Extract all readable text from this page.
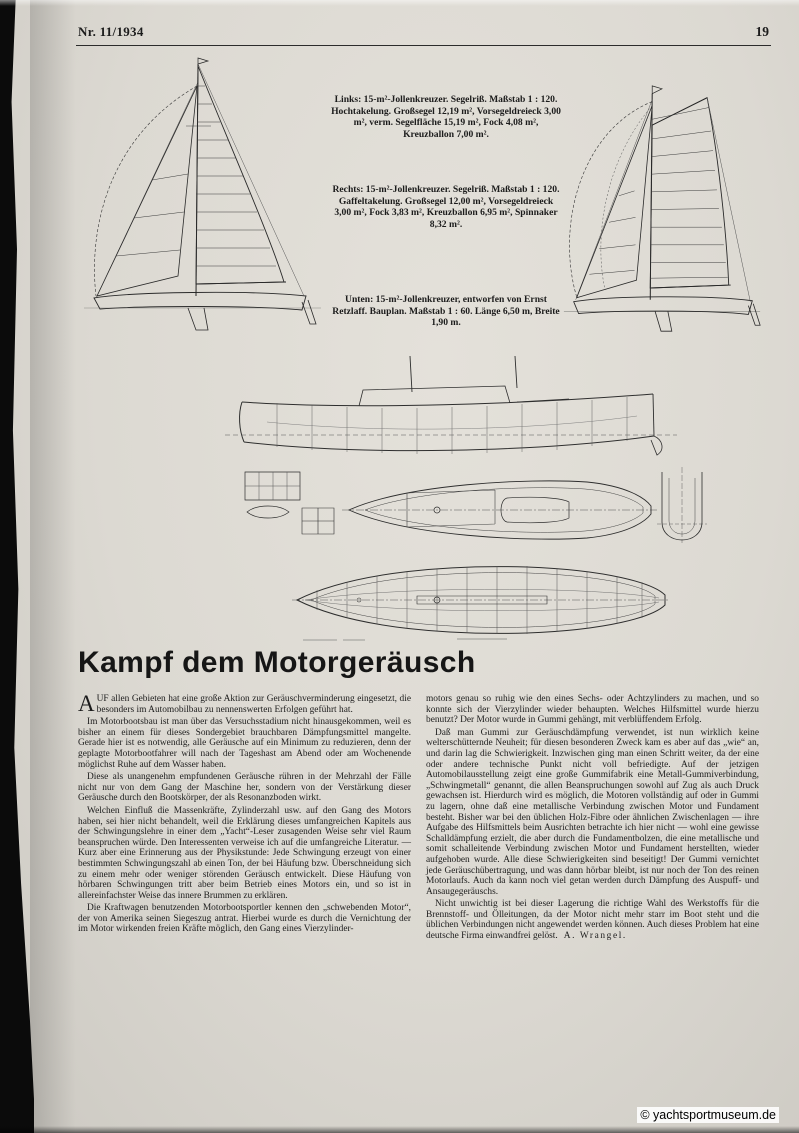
Nr. 11/1934	19
Links: 15-m²-Jollenkreuzer. Segelriß. Maßstab 1 : 120. Hochtakelung. Großsegel 12,19 m², Vorsegeldreieck 3,00 m², verm. Segelfläche 15,19 m², Fock 4,08 m², Kreuzballon 7,00 m².
Rechts: 15-m²-Jollenkreuzer. Segelriß. Maßstab 1 : 120. Gaffeltakelung. Großsegel 12,00 m², Vorsegeldreieck 3,00 m², Fock 3,83 m², Kreuzballon 6,95 m², Spinnaker 8,32 m².
Unten: 15-m²-Jollenkreuzer, entworfen von Ernst Retzlaff. Bauplan. Maßstab 1 : 60. Länge 6,50 m, Breite 1,90 m.
Kampf dem Motorgeräusch

AUF allen Gebieten hat eine große Aktion zur Geräuschverminderung eingesetzt, die besonders im Automobilbau zu nennenswerten Erfolgen geführt hat.

Im Motorbootsbau ist man über das Versuchsstadium nicht hinausgekommen, weil es bisher an einem für dieses Sondergebiet brauchbaren Dämpfungsmittel mangelte. Gerade hier ist es notwendig, alle Geräusche auf ein Minimum zu reduzieren, denn der geplagte Motorbootfahrer will nach der Tageshast am Abend oder am Wochenende möglichst Ruhe auf dem Wasser haben.

Diese als unangenehm empfundenen Geräusche rühren in der Mehrzahl der Fälle nicht nur von dem Gang der Maschine her, sondern von der Verstärkung dieser Geräusche durch den Bootskörper, der als Resonanzboden wirkt.

Welchen Einfluß die Massenkräfte, Zylinderzahl usw. auf den Gang des Motors haben, sei hier nicht behandelt, weil die Erklärung dieses umfangreichen Kapitels aus der Schwingungslehre in einer dem „Yacht“-Leser zusagenden Weise sehr viel Raum beanspruchen würde. Den Interessenten verweise ich auf die umfangreiche Literatur. — Kurz aber eine Erinnerung aus der Physikstunde: Jede Schwingung erzeugt von einer bestimmten Schwingungszahl ab einen Ton, der bei Häufung bzw. Überschneidung sich zu einem mehr oder weniger störenden Geräusch entwickelt. Diese Häufung von hörbaren Schwingungen tritt aber beim Betrieb eines Motors ein, und so ist in allereinfachster Weise das innere Brummen zu erklären.

Die Kraftwagen benutzenden Motorbootsportler kennen den „schwebenden Motor“, der von Amerika seinen Siegeszug antrat. Hierbei wurde es durch die Vernichtung der im Motor wirkenden freien Kräfte möglich, den Gang eines Vierzylinder-

motors genau so ruhig wie den eines Sechs- oder Achtzylinders zu machen, und so konnte sich der Vierzylinder wieder behaupten. Welches Hilfsmittel wurde hierzu benutzt? Der Motor wurde in Gummi gehängt, mit verblüffendem Erfolg.

Daß man Gummi zur Geräuschdämpfung verwendet, ist nun wirklich keine welterschütternde Neuheit; für diesen besonderen Zweck kam es aber auf das „wie“ an, und darin lag die Schwierigkeit. Inzwischen ging man einen Schritt weiter, da der eine oder andere technische Punkt nicht voll befriedigte. Auf der jetzigen Automobilausstellung zeigt eine große Gummifabrik eine Metall-Gummiverbindung, „Schwingmetall“ genannt, die allen Beanspruchungen sowohl auf Zug als auch Druck gewachsen ist. Hierdurch wird es möglich, die Motoren vollständig auf oder in Gummi zu lagern, ohne daß eine metallische Verbindung zwischen Motor und Fundament besteht. Bisher war bei den üblichen Holz-Fibre oder ähnlichen Zwischenlagen — ihre Aufgabe des Hilfsmittels beim Ausrichten betrachte ich hier nicht — wohl eine gewisse Schalldämpfung erzielt, die aber durch die Fundamentbolzen, die eine metallische und somit schalleitende Verbindung zwischen Motor und Fundament herstellten, wieder aufgehoben wurde. Alle diese Schwierigkeiten sind beseitigt! Der Gummi vernichtet jede Geräuschübertragung, und was dann hörbar bleibt, ist nur noch der Ton des reinen Motorlaufs. Auch da kann noch viel getan werden durch Dämpfung des Auspuff- und Ansaugegeräuschs.

Nicht unwichtig ist bei dieser Lagerung die richtige Wahl des Werkstoffs für die Brennstoff- und Ölleitungen, da der Motor nicht mehr starr im Boot steht und die üblichen Verbindungen nicht angewendet werden können. Auch dieses Problem hat eine deutsche Firma einwandfrei gelöst. A. Wrangel.

© yachtsportmuseum.de
